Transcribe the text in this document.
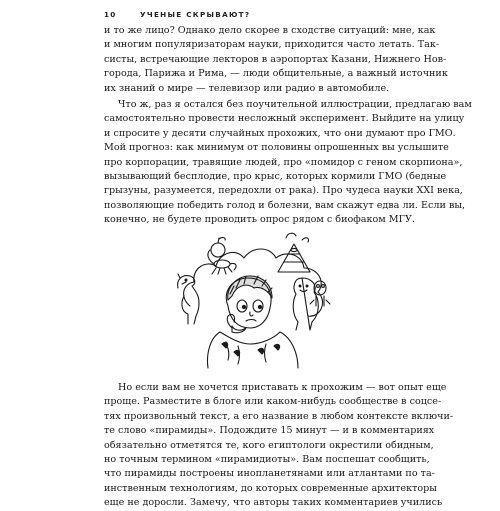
10	УЧЕНЫЕ СКРЫВАЮТ?
и то же лицо? Однако дело скорее в сходстве ситуаций: мне, как
и многим популяризаторам науки, приходится часто летать. Так-
систы, встречающие лекторов в аэропортах Казани, Нижнего Нов-
города, Парижа и Рима, — люди общительные, а важный источник
их знаний о мире — телевизор или радио в автомобиле.
Что ж, раз я остался без поучительной иллюстрации, предлагаю вам
самостоятельно провести несложный эксперимент. Выйдите на улицу
и спросите у десяти случайных прохожих, что они думают про ГМО.
Мой прогноз: как минимум от половины опрошенных вы услышите
про корпорации, травящие людей, про «помидор с геном скорпиона»,
вызывающий бесплодие, про крыс, которых кормили ГМО (бедные
грызуны, разумеется, передохли от рака). Про чудеса науки XXI века,
позволяющие победить голод и болезни, вам скажут едва ли. Если вы,
конечно, не будете проводить опрос рядом с биофаком МГУ.
Но если вам не хочется приставать к прохожим — вот опыт еще
проще. Разместите в блоге или каком-нибудь сообществе в соцсе-
тях произвольный текст, а его название в любом контексте включи-
те слово «пирамиды». Подождите 15 минут — и в комментариях
обязательно отметятся те, кого египтологи окрестили обидным,
но точным термином «пирамидиоты». Вам поспешат сообщить,
что пирамиды построены инопланетянами или атлантами по та-
инственным технологиям, до которых современные архитекторы
еще не доросли. Замечу, что авторы таких комментариев учились
